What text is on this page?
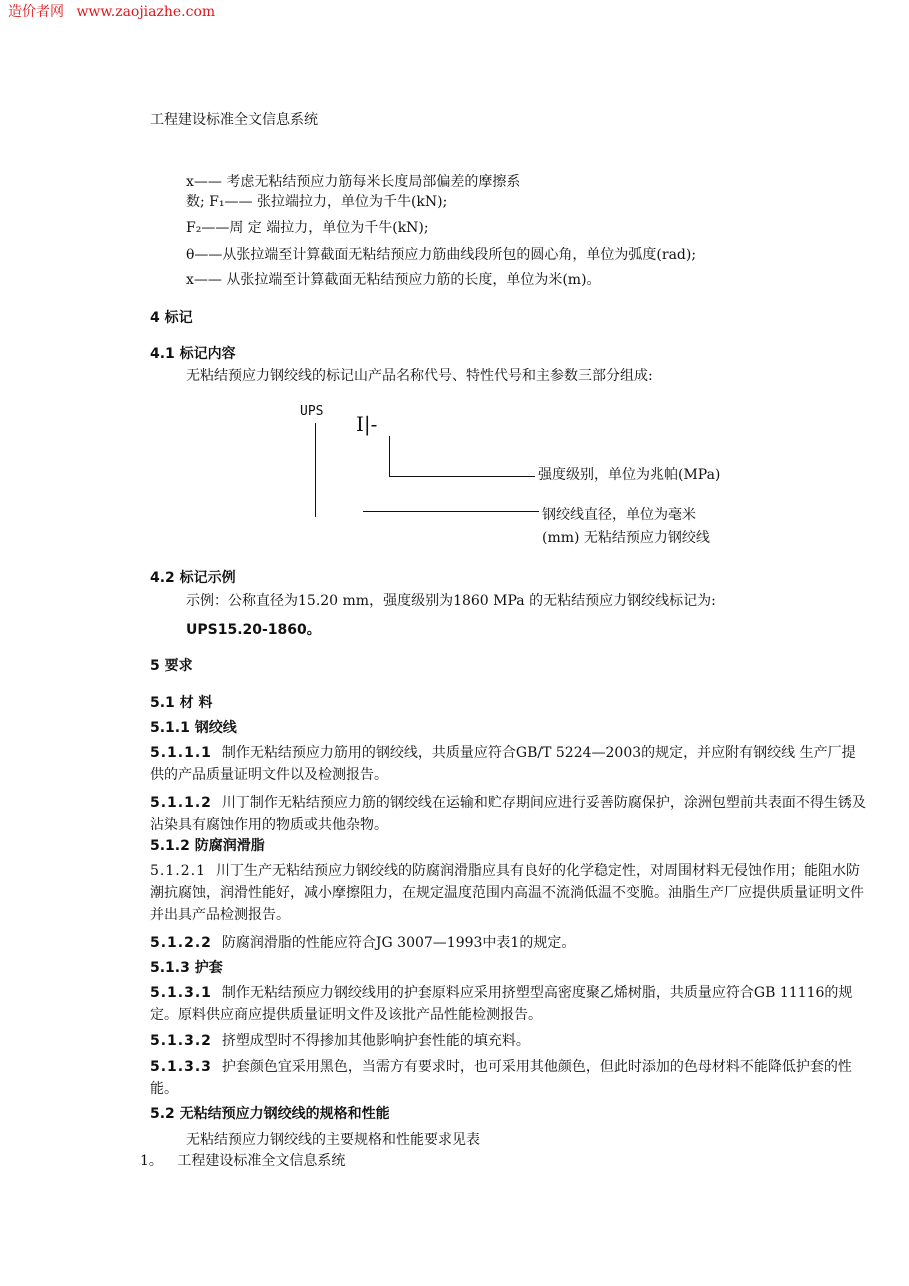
造价者网 www.zaojiazhe.com
工程建设标准全文信息系统
x—— 考虑无粘结预应力筋每米长度局部偏差的摩擦系
数; F₁—— 张拉端拉力，单位为千牛(kN);
F₂——周 定 端拉力，单位为千牛(kN);
θ——从张拉端至计算截面无粘结预应力筋曲线段所包的圆心角，单位为弧度(rad);
x—— 从张拉端至计算截面无粘结预应力筋的长度，单位为米(m)。
4 标记
4.1 标记内容
无粘结预应力钢绞线的标记山产品名称代号、特性代号和主参数三部分组成:
UPS
I|-
强度级别，单位为兆帕(MPa)
钢绞线直径，单位为毫米
(mm) 无粘结预应力钢绞线
4.2 标记示例
示例：公称直径为15.20 mm，强度级别为1860 MPa 的无粘结预应力钢绞线标记为:
UPS15.20-1860。
5 要求
5.1 材 料
5.1.1 钢绞线
5.1.1.1 制作无粘结预应力筋用的钢绞线，共质量应符合GB/T 5224—2003的规定，并应附有钢绞线 生产厂提供的产品质量证明文件以及检测报告。
5.1.1.2 川丁制作无粘结预应力筋的钢绞线在运输和贮存期间应进行妥善防腐保护，涂洲包塑前共表面不得生锈及沾染具有腐蚀作用的物质或共他杂物。
5.1.2 防腐润滑脂
5.1.2.1 川丁生产无粘结预应力钢绞线的防腐润滑脂应具有良好的化学稳定性，对周围材料无侵蚀作用；能阻水防潮抗腐蚀，润滑性能好，减小摩擦阻力，在规定温度范围内高温不流淌低温不变脆。油脂生产厂应提供质量证明文件并出具产品检测报告。
5.1.2.2 防腐润滑脂的性能应符合JG 3007—1993中表1的规定。
5.1.3 护套
5.1.3.1 制作无粘结预应力钢绞线用的护套原料应采用挤塑型高密度聚乙烯树脂，共质量应符合GB 11116的规定。原料供应商应提供质量证明文件及该批产品性能检测报告。
5.1.3.2 挤塑成型时不得掺加其他影响护套性能的填充料。
5.1.3.3 护套颜色宜采用黑色，当需方有要求时，也可采用其他颜色，但此时添加的色母材料不能降低护套的性能。
5.2 无粘结预应力钢绞线的规格和性能
无粘结预应力钢绞线的主要规格和性能要求见表
1。 工程建设标准全文信息系统
